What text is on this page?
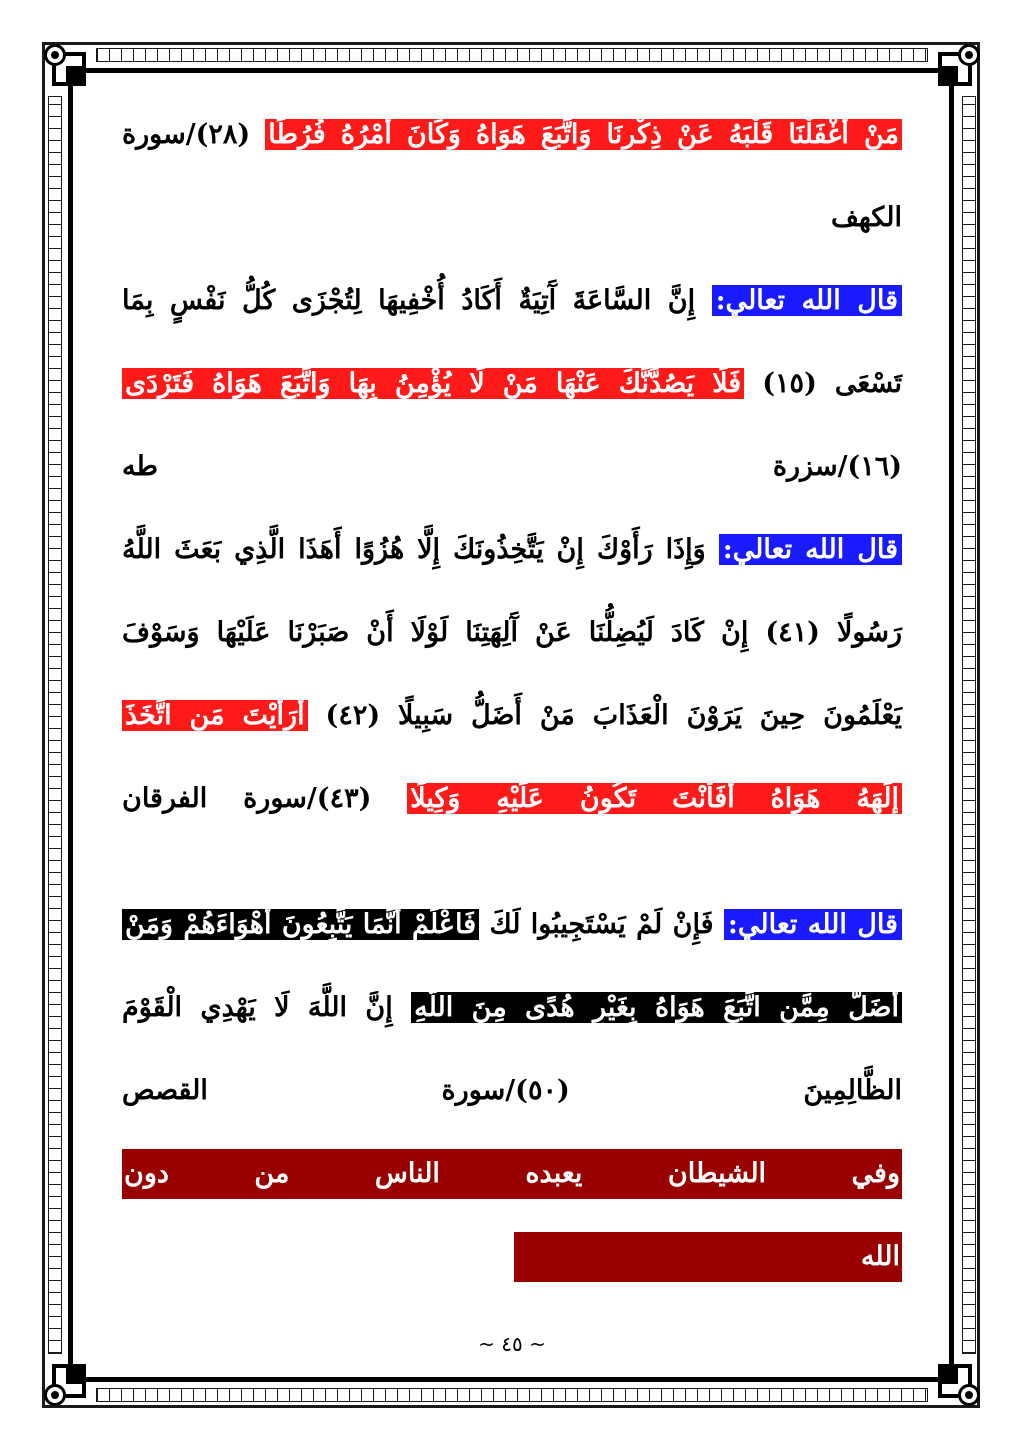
مَنْ أَغْفَلْنَا قَلْبَهُ عَنْ ذِكْرِنَا وَاتَّبَعَ هَوَاهُ وَكَانَ أَمْرُهُ فُرُطًا (٢٨)/سورة
الكهف
قال الله تعالي: إِنَّ السَّاعَةَ آَتِيَةٌ أَكَادُ أُخْفِيهَا لِتُجْزَى كُلُّ نَفْسٍ بِمَا
تَسْعَى (١٥) فَلَا يَصُدَّنَّكَ عَنْهَا مَنْ لَا يُؤْمِنُ بِهَا وَاتَّبَعَ هَوَاهُ فَتَرْدَى
(١٦)/سزرة طه
قال الله تعالي: وَإِذَا رَأَوْكَ إِنْ يَتَّخِذُونَكَ إِلَّا هُزُوًا أَهَذَا الَّذِي بَعَثَ اللَّهُ
رَسُولًا (٤١) إِنْ كَادَ لَيُضِلُّنَا عَنْ آَلِهَتِنَا لَوْلَا أَنْ صَبَرْنَا عَلَيْهَا وَسَوْفَ
يَعْلَمُونَ حِينَ يَرَوْنَ الْعَذَابَ مَنْ أَضَلُّ سَبِيلًا (٤٢) أَرَأَيْتَ مَنِ اتَّخَذَ
إِلَهَهُ هَوَاهُ أَفَأَنْتَ تَكُونُ عَلَيْهِ وَكِيلًا (٤٣)/سورة الفرقان
قال الله تعالي: فَإِنْ لَمْ يَسْتَجِيبُوا لَكَ فَاعْلَمْ أَنَّمَا يَتَّبِعُونَ أَهْوَاءَهُمْ وَمَنْ
أَضَلُّ مِمَّنِ اتَّبَعَ هَوَاهُ بِغَيْرِ هُدًى مِنَ اللَّهِ إِنَّ اللَّهَ لَا يَهْدِي الْقَوْمَ
الظَّالِمِينَ (٥٠)/سورة القصص
وفي الشيطان يعبده الناس من دون
الله
~ ٤٥ ~
